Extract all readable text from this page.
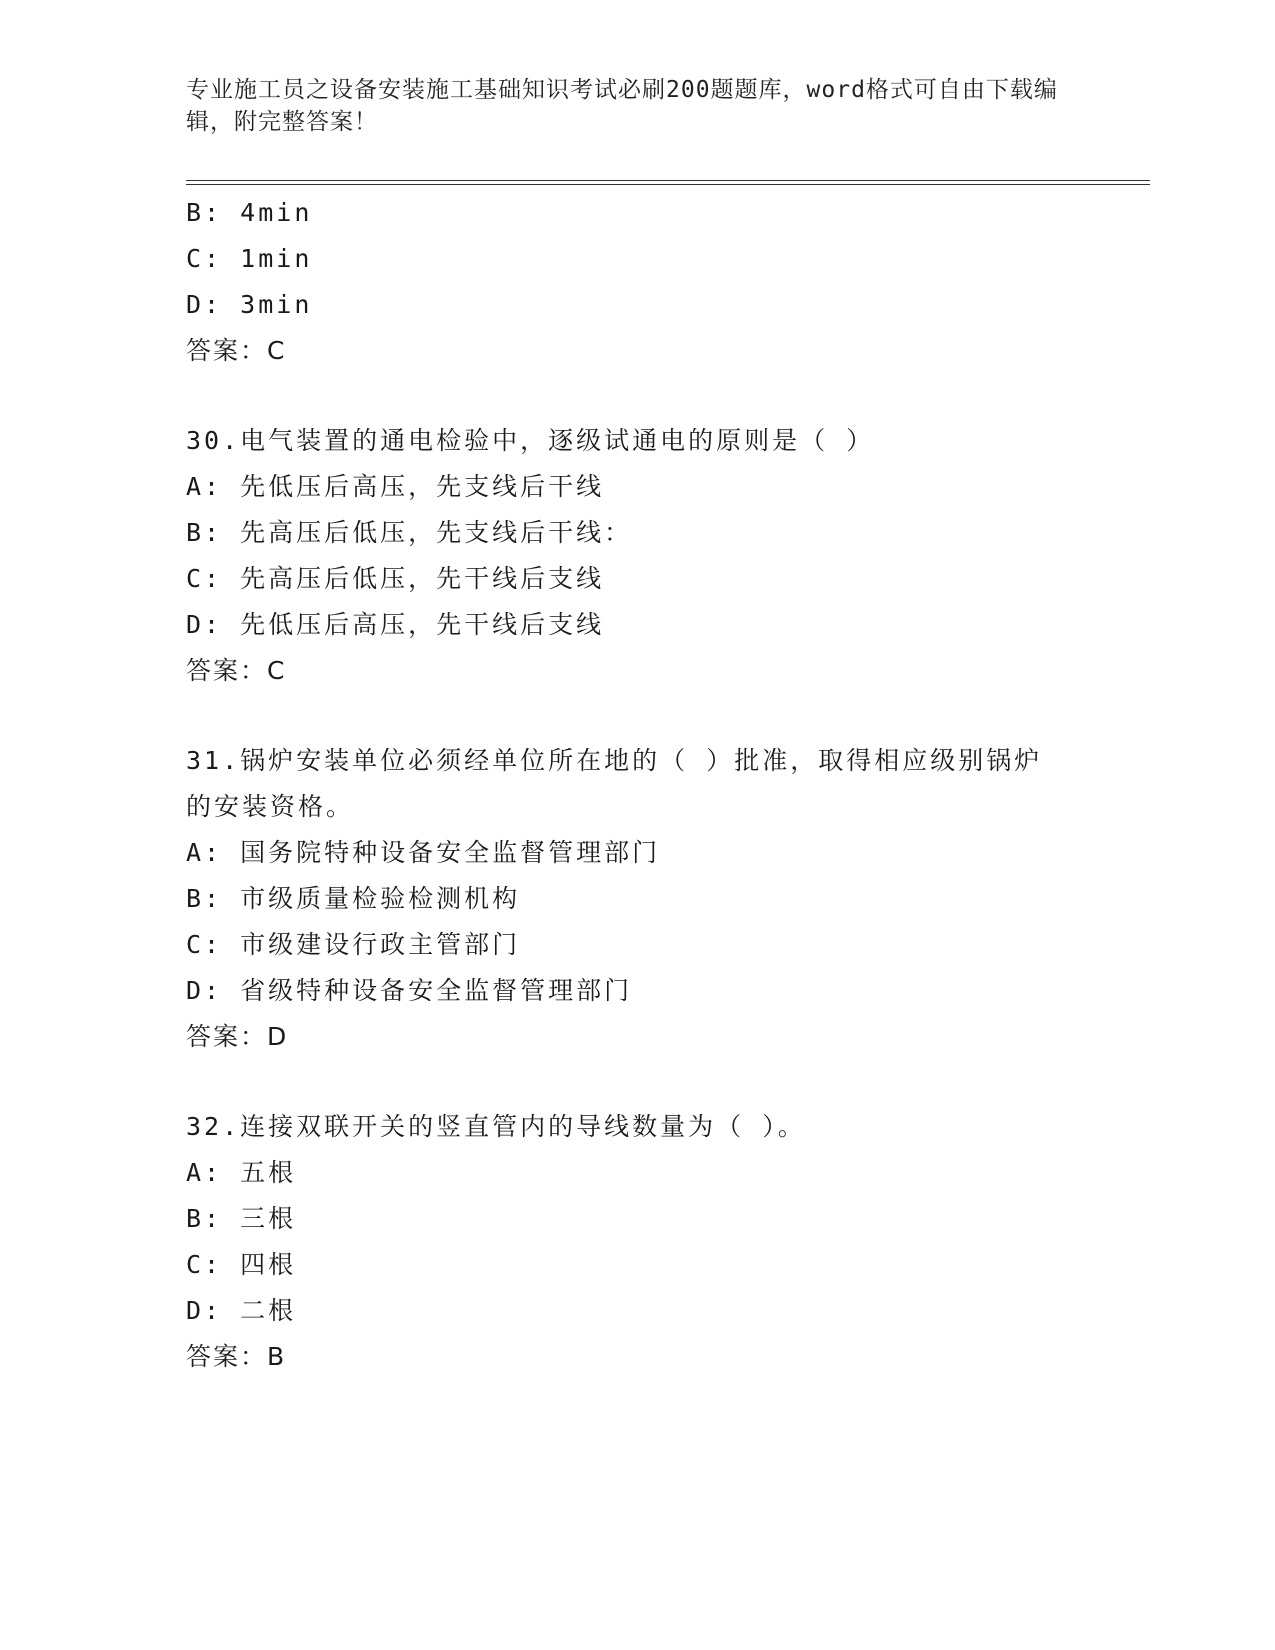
专业施工员之设备安装施工基础知识考试必刷200题题库，word格式可自由下载编辑，附完整答案！
B: 4min
C: 1min
D: 3min
答案：C
30.电气装置的通电检验中，逐级试通电的原则是（ ）
A: 先低压后高压，先支线后干线
B: 先高压后低压，先支线后干线：
C: 先高压后低压，先干线后支线
D: 先低压后高压，先干线后支线
答案：C
31.锅炉安装单位必须经单位所在地的（ ）批准，取得相应级别锅炉的安装资格。
A: 国务院特种设备安全监督管理部门
B: 市级质量检验检测机构
C: 市级建设行政主管部门
D: 省级特种设备安全监督管理部门
答案：D
32.连接双联开关的竖直管内的导线数量为（ ）。
A: 五根
B: 三根
C: 四根
D: 二根
答案：B
